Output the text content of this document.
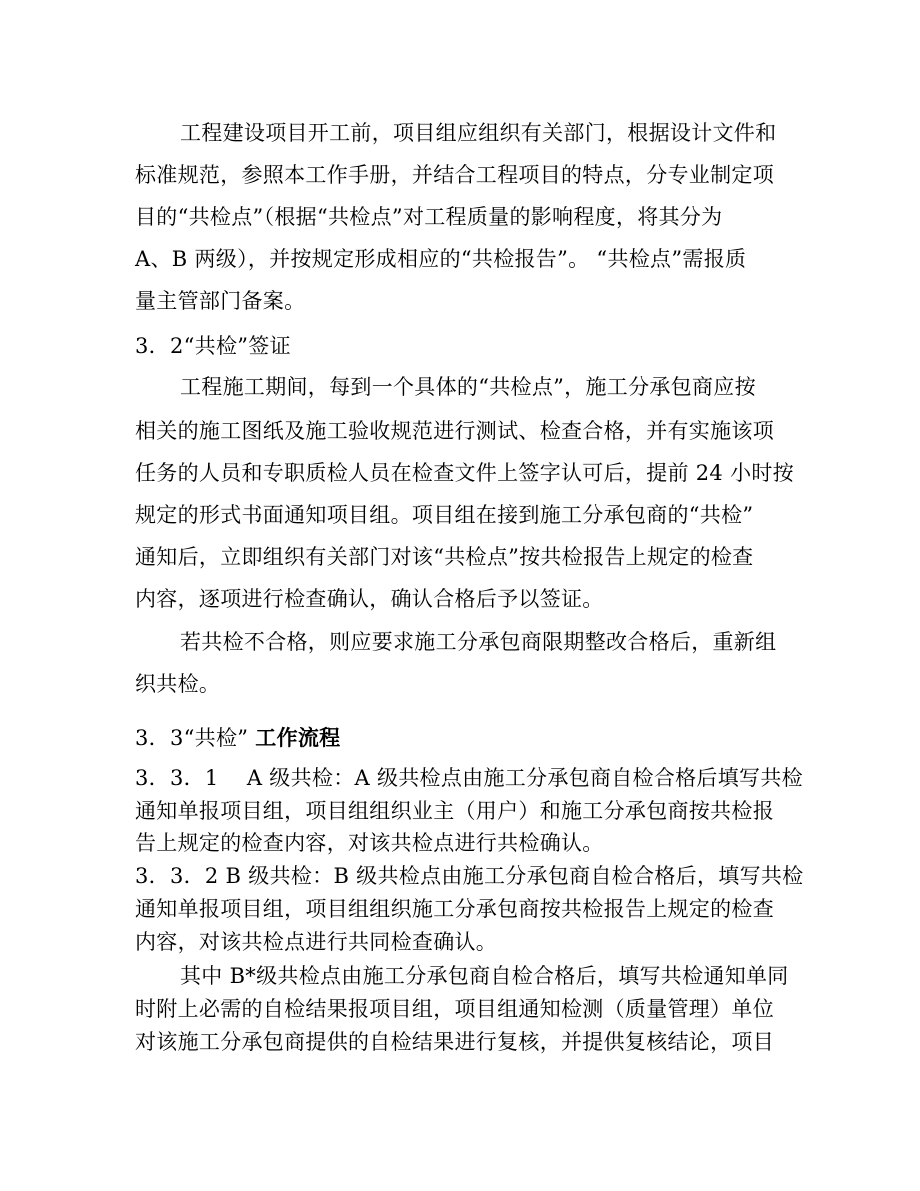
工程建设项目开工前，项目组应组织有关部门，根据设计文件和
标准规范，参照本工作手册，并结合工程项目的特点，分专业制定项
目的“共检点”（根据“共检点”对工程质量的影响程度，将其分为
A、B 两级），并按规定形成相应的“共检报告”。 “共检点”需报质
量主管部门备案。
3．2“共检”签证
工程施工期间，每到一个具体的“共检点”，施工分承包商应按
相关的施工图纸及施工验收规范进行测试、检查合格，并有实施该项
任务的人员和专职质检人员在检查文件上签字认可后，提前 24 小时按
规定的形式书面通知项目组。项目组在接到施工分承包商的“共检”
通知后，立即组织有关部门对该“共检点”按共检报告上规定的检查
内容，逐项进行检查确认，确认合格后予以签证。
若共检不合格，则应要求施工分承包商限期整改合格后，重新组
织共检。
3．3“共检” 工作流程
3．3．1　 A 级共检：A 级共检点由施工分承包商自检合格后填写共检
通知单报项目组，项目组组织业主（用户）和施工分承包商按共检报
告上规定的检查内容，对该共检点进行共检确认。
3．3．2 B 级共检：B 级共检点由施工分承包商自检合格后，填写共检
通知单报项目组，项目组组织施工分承包商按共检报告上规定的检查
内容，对该共检点进行共同检查确认。
其中 B*级共检点由施工分承包商自检合格后，填写共检通知单同
时附上必需的自检结果报项目组，项目组通知检测（质量管理）单位
对该施工分承包商提供的自检结果进行复核，并提供复核结论，项目
